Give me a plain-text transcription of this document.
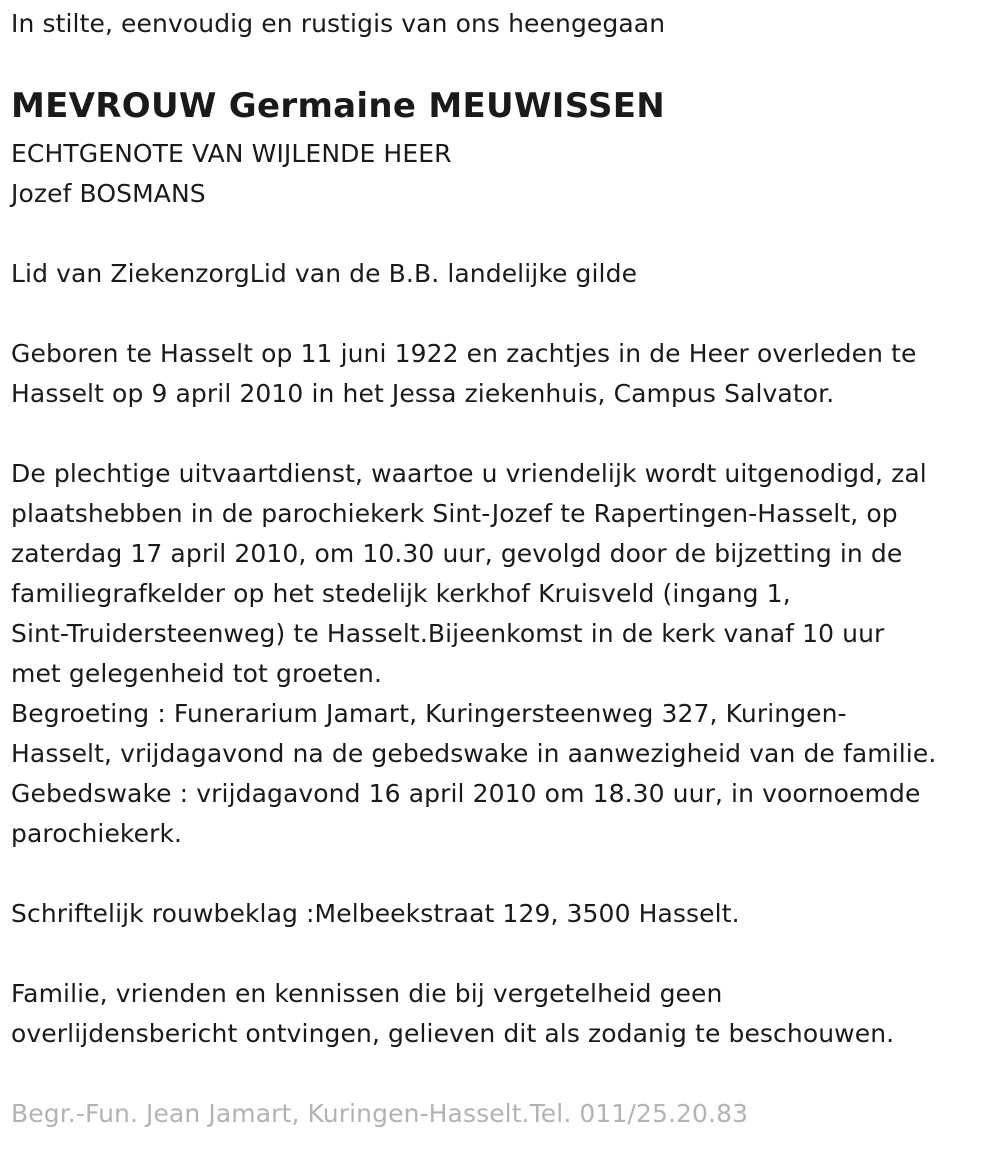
In stilte, eenvoudig en rustigis van ons heengegaan

MEVROUW Germaine MEUWISSEN

ECHTGENOTE VAN WIJLENDE HEER

Jozef BOSMANS

Lid van ZiekenzorgLid van de B.B. landelijke gilde

Geboren te Hasselt op 11 juni 1922 en zachtjes in de Heer overleden te

Hasselt op 9 april 2010 in het Jessa ziekenhuis, Campus Salvator.

De plechtige uitvaartdienst, waartoe u vriendelijk wordt uitgenodigd, zal

plaatshebben in de parochiekerk Sint-Jozef te Rapertingen-Hasselt, op

zaterdag 17 april 2010, om 10.30 uur, gevolgd door de bijzetting in de

familiegrafkelder op het stedelijk kerkhof Kruisveld (ingang 1,

Sint-Truidersteenweg) te Hasselt.Bijeenkomst in de kerk vanaf 10 uur

met gelegenheid tot groeten.

Begroeting : Funerarium Jamart, Kuringersteenweg 327, Kuringen-

Hasselt, vrijdagavond na de gebedswake in aanwezigheid van de familie.

Gebedswake : vrijdagavond 16 april 2010 om 18.30 uur, in voornoemde

parochiekerk.

Schriftelijk rouwbeklag :Melbeekstraat 129, 3500 Hasselt.

Familie, vrienden en kennissen die bij vergetelheid geen

overlijdensbericht ontvingen, gelieven dit als zodanig te beschouwen.

Begr.-Fun. Jean Jamart, Kuringen-Hasselt.Tel. 011/25.20.83
